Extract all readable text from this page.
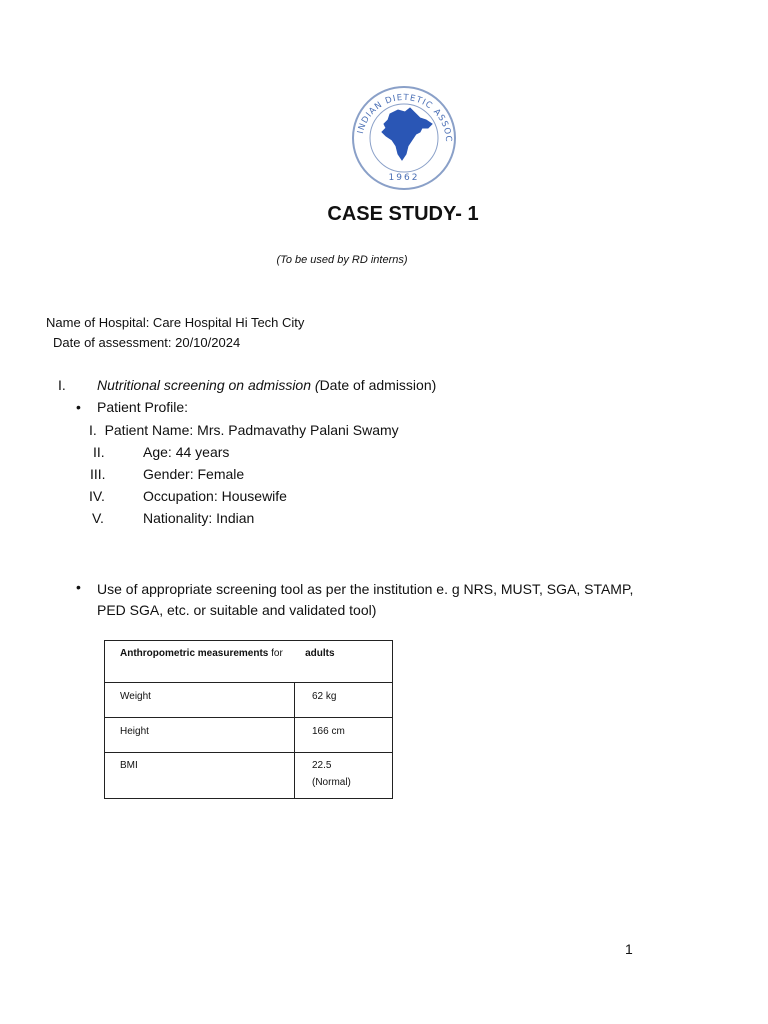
INDIAN DIETETIC ASSOC
1962
CASE STUDY- 1
(To be used by RD interns)
Name of Hospital: Care Hospital Hi Tech City
Date of assessment: 20/10/2024
I. Nutritional screening on admission (Date of admission)
• Patient Profile:
I. Patient Name: Mrs. Padmavathy Palani Swamy
II.	Age: 44 years
III.	Gender: Female
IV.	Occupation: Housewife
V.	Nationality: Indian
• Use of appropriate screening tool as per the institution e. g NRS, MUST, SGA, STAMP,
PED SGA, etc. or suitable and validated tool)
Anthropometric measurements for adults	
Weight	62 kg
Height	166 cm
BMI	22.5
(Normal)
1
